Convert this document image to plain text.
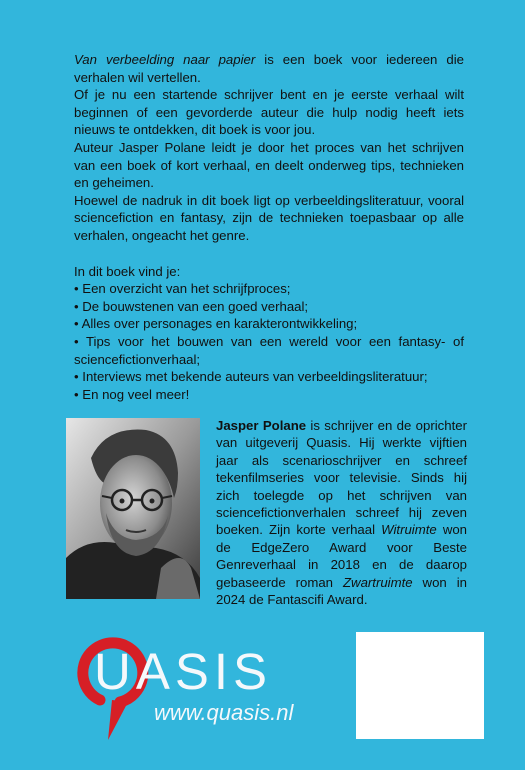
Van verbeelding naar papier is een boek voor iedereen die verhalen wil vertellen.

Of je nu een startende schrijver bent en je eerste verhaal wilt beginnen of een gevorderde auteur die hulp nodig heeft iets nieuws te ontdekken, dit boek is voor jou.

Auteur Jasper Polane leidt je door het proces van het schrijven van een boek of kort verhaal, en deelt onderweg tips, technieken en geheimen.

Hoewel de nadruk in dit boek ligt op verbeeldingsliteratuur, vooral sciencefiction en fantasy, zijn de technieken toepasbaar op alle verhalen, ongeacht het genre.

In dit boek vind je:

• Een overzicht van het schrijfproces;
• De bouwstenen van een goed verhaal;
• Alles over personages en karakterontwikkeling;
• Tips voor het bouwen van een wereld voor een fantasy- of sciencefictionverhaal;
• Interviews met bekende auteurs van verbeeldingsliteratuur;
• En nog veel meer!

Jasper Polane is schrijver en de oprichter van uitgeverij Quasis. Hij werkte vijftien jaar als scenarioschrijver en schreef tekenfilmseries voor televisie. Sinds hij zich toelegde op het schrijven van sciencefictionverhalen schreef hij zeven boeken. Zijn korte verhaal Witruimte won de EdgeZero Award voor Beste Genreverhaal in 2018 en de daarop gebaseerde roman Zwartruimte won in 2024 de Fantascifi Award.

UASIS
www.quasis.nl
